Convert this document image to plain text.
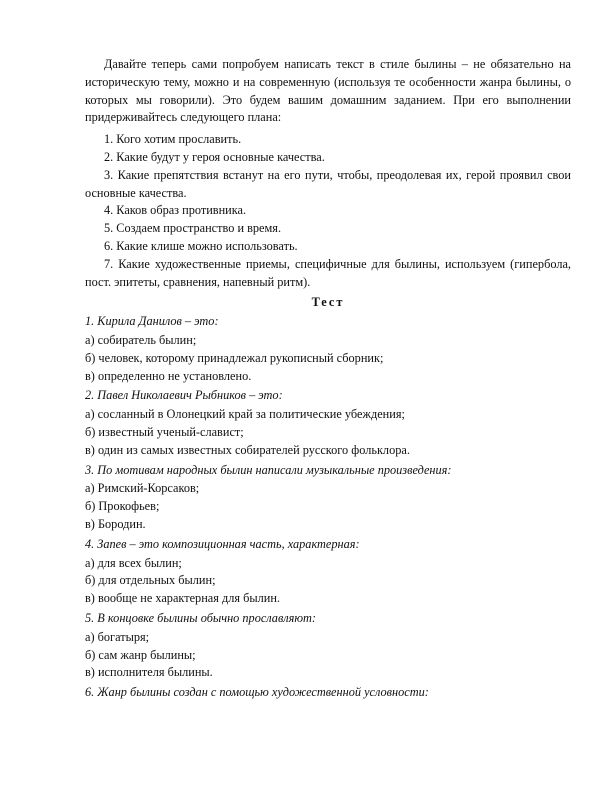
Давайте теперь сами попробуем написать текст в стиле былины – не обязательно на историческую тему, можно и на современную (используя те особенности жанра былины, о которых мы говорили). Это будем вашим домашним заданием. При его выполнении придерживайтесь следующего плана:

1. Кого хотим прославить.

2. Какие будут у героя основные качества.

3. Какие препятствия встанут на его пути, чтобы, преодолевая их, герой проявил свои основные качества.

4. Каков образ противника.

5. Создаем пространство и время.

6. Какие клише можно использовать.

7. Какие художественные приемы, специфичные для былины, используем (гипербола, пост. эпитеты, сравнения, напевный ритм).

Тест

1. Кирила Данилов – это:

а) собиратель былин;

б) человек, которому принадлежал рукописный сборник;

в) определенно не установлено.

2. Павел Николаевич Рыбников – это:

а) сосланный в Олонецкий край за политические убеждения;

б) известный ученый-славист;

в) один из самых известных собирателей русского фольклора.

3. По мотивам народных былин написали музыкальные произведения:

а) Римский-Корсаков;

б) Прокофьев;

в) Бородин.

4. Запев – это композиционная часть, характерная:

а) для всех былин;

б) для отдельных былин;

в) вообще не характерная для былин.

5. В концовке былины обычно прославляют:

а) богатыря;

б) сам жанр былины;

в) исполнителя былины.

6. Жанр былины создан с помощью художественной условности:
